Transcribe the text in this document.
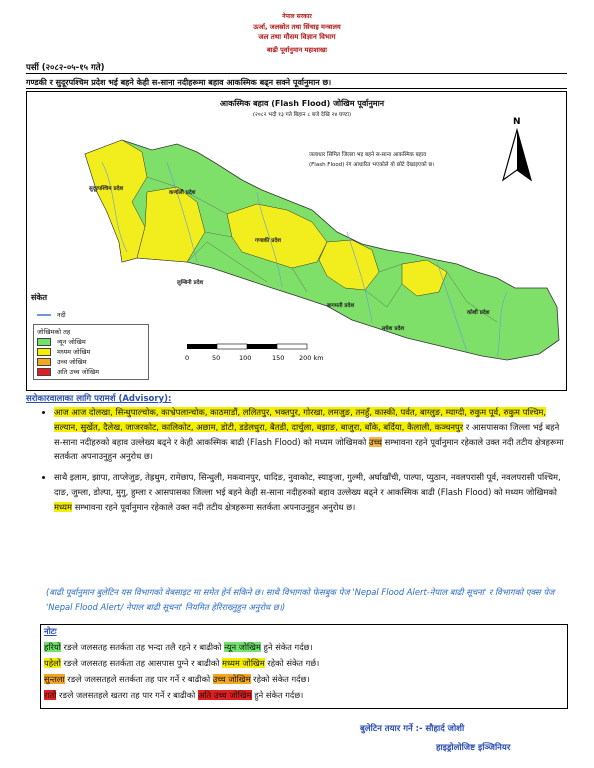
नेपाल सरकार
ऊर्जा, जलस्रोत तथा सिंचाइ मन्त्रालय
जल तथा मौसम विज्ञान विभाग
बाढी पूर्वानुमान महाशाखा
पर्सी (२०८२-०५-१५ गते)
गण्डकी र सुदूरपश्चिम प्रदेश भई बहने केही स-साना नदीहरूमा बहाव आकस्मिक बढ्न सक्ने पूर्वानुमान छ।
सुदूरपश्चिम प्रदेश
कर्णाली प्रदेश
लुम्बिनी प्रदेश
गण्डकी प्रदेश
बागमती प्रदेश
मधेश प्रदेश
कोशी प्रदेश
N
0	50	100	150 200 km
आकस्मिक बहाव (Flash Flood) जोखिम पूर्वानुमान
(२०८२ भदौ १३ गते बिहान ८ बजे देखि २४ घण्टा)
जलाधार सिमित जिल्ला भइ बहने स-साना आकस्मिक बहाव
(Flash Flood) रंग आधारित भएकोले यो छोटे देखाइएको छ।
संकेत
नदी
जोखिमको तह
न्यून जोखिम
मध्यम जोखिम
उच्च जोखिम
अति उच्च जोखिम
सरोकारवालाका लागि परामर्श (Advisory):
• आज आज दोलखा, सिन्धुपाल्चोक, काभ्रेपलान्चोक, काठमाडौं, ललितपुर, भक्तपुर, गोरखा, लमजुङ, तनहुँ, कास्की, पर्वत, बाग्लुङ, म्याग्दी, रुकुम पूर्व, रुकुम पश्चिम, सल्यान, सुर्खेत, दैलेख, जाजरकोट, कालिकोट, अछाम, डोटी, डडेलधुरा, बैतडी, दार्चुला, बझाङ, बाजुरा, बाँके, बर्दिया, कैलाली, कञ्चनपुर र आसपासका जिल्ला भई बहने स-साना नदीहरुको बहाव उल्लेख्य बढ्ने र केही आकस्मिक बाढी (Flash Flood) को मध्यम जोखिमको उच्च सम्भावना रहने पूर्वानुमान रहेकाले उक्त नदी तटीय क्षेत्रहरूमा सतर्कता अपनाउनुहुन अनुरोध छ।
• साथै इलाम, झापा, ताप्लेजुङ, तेह्रथुम, रामेछाप, सिन्धुली, मकवानपुर, धादिङ, नुवाकोट, स्याङ्जा, गुल्मी, अर्घाखाँची, पाल्पा, प्युठान, नवलपरासी पूर्व, नवलपरासी पश्चिम, दाङ, जुम्ला, डोल्पा, मुगु, हुम्ला र आसपासका जिल्ला भई बहने केही स-साना नदीहरुको बहाव उल्लेख्य बढ्ने र आकस्मिक बाढी (Flash Flood) को मध्यम जोखिमको मध्यम सम्भावना रहने पूर्वानुमान रहेकाले उक्त नदी तटीय क्षेत्रहरूमा सतर्कता अपनाउनुहुन अनुरोध छ।
(बाढी पूर्वानुमान बुलेटिन यस विभागको वेबसाइट मा समेत हेर्न सकिने छ। साथै विभागको फेसबुक पेज 'Nepal Flood Alert-नेपाल बाढी सूचना' र विभागको एक्स पेज 'Nepal Flood Alert/ नेपाल बाढी सूचना' नियमित हेरिराख्नुहुन अनुरोध छ।)
नोटः
हरियो रङले जलसतह सतर्कता तह भन्दा तलै रहने र बाढीको न्यून जोखिम हुने संकेत गर्दछ।
पहेलो रङले जलसतह सतर्कता तह आसपास पुग्ने र बाढीको मध्यम जोखिम रहेको संकेत गर्छ।
सुन्तला रङले जलसतहले सतर्कता तह पार गर्ने र बाढीको उच्च जोखिम रहेको संकेत गर्दछ।
रातो रङले जलसतहले खतरा तह पार गर्ने र बाढीको अति उच्च जोखिम हुने संकेत गर्दछ।
बुलेटिन तयार गर्ने :- सौहार्द जोशी
हाइड्रोलोजिष्ट इञ्जिनियर
